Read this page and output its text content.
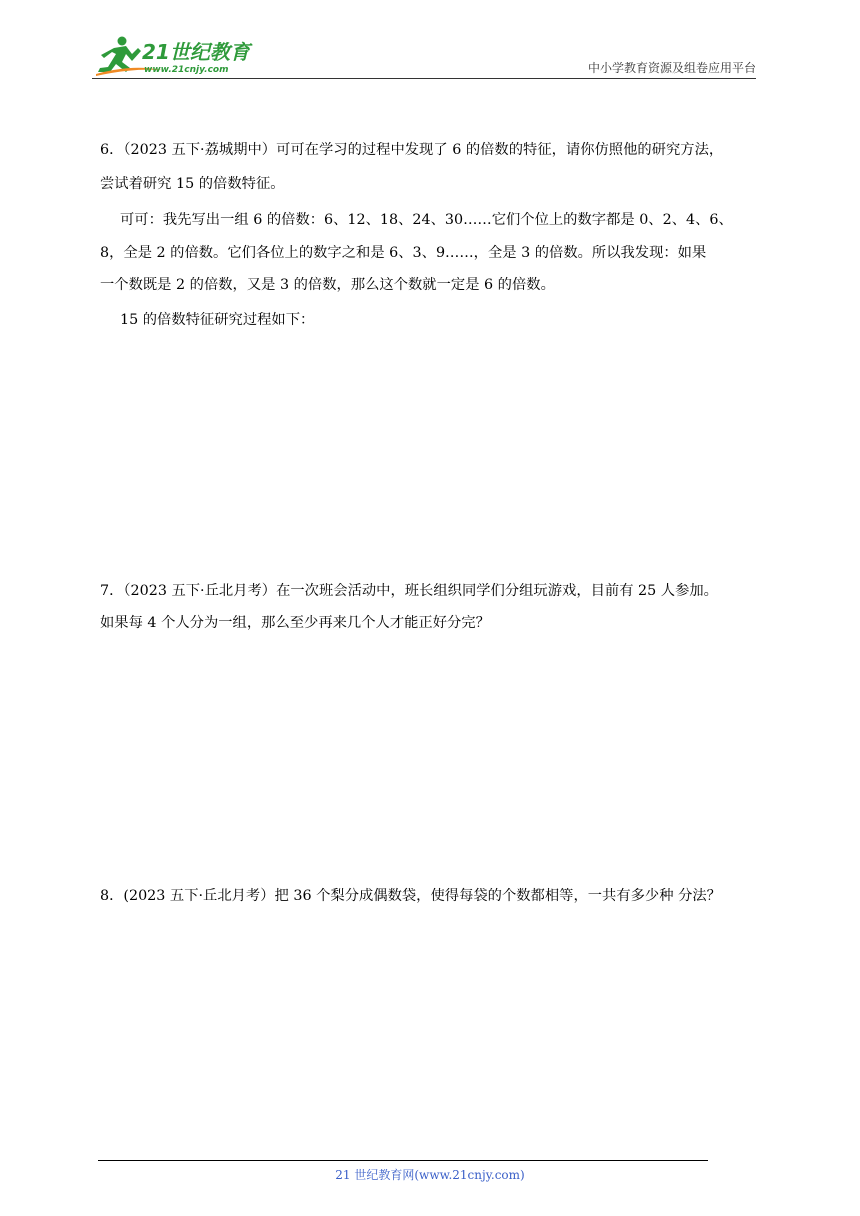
21世纪教育
www.21cnjy.com	中小学教育资源及组卷应用平台
6．（2023 五下·荔城期中）可可在学习的过程中发现了 6 的倍数的特征，请你仿照他的研究方法，
尝试着研究 15 的倍数特征。
可可：我先写出一组 6 的倍数：6、12、18、24、30……它们个位上的数字都是 0、2、4、6、
8，全是 2 的倍数。它们各位上的数字之和是 6、3、9……，全是 3 的倍数。所以我发现：如果
一个数既是 2 的倍数，又是 3 的倍数，那么这个数就一定是 6 的倍数。
15 的倍数特征研究过程如下：
7．（2023 五下·丘北月考）在一次班会活动中，班长组织同学们分组玩游戏，目前有 25 人参加。
如果每 4 个人分为一组，那么至少再来几个人才能正好分完？
8．(2023 五下·丘北月考）把 36 个梨分成偶数袋，使得每袋的个数都相等，一共有多少种 分法？
21 世纪教育网(www.21cnjy.com)
